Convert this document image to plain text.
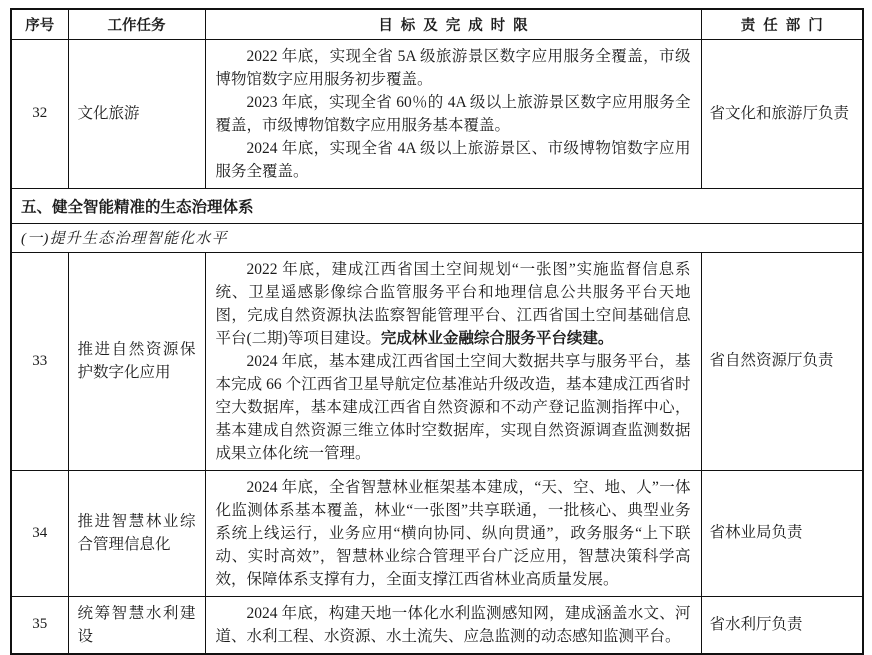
序号	工作任务	目标及完成时限	责任部门
32	文化旅游	2022 年底，实现全省 5A 级旅游景区数字应用服务全覆盖，市级博物馆数字应用服务初步覆盖。

2023 年底，实现全省 60％的 4A 级以上旅游景区数字应用服务全覆盖，市级博物馆数字应用服务基本覆盖。

2024 年底，实现全省 4A 级以上旅游景区、市级博物馆数字应用服务全覆盖。	省文化和旅游厅负责
五、健全智能精准的生态治理体系			
(一)提升生态治理智能化水平			
33	推进自然资源保护数字化应用	2022 年底，建成江西省国土空间规划“一张图”实施监督信息系统、卫星遥感影像综合监管服务平台和地理信息公共服务平台天地图，完成自然资源执法监察智能管理平台、江西省国土空间基础信息平台(二期)等项目建设。完成林业金融综合服务平台续建。

2024 年底，基本建成江西省国土空间大数据共享与服务平台，基本完成 66 个江西省卫星导航定位基准站升级改造，基本建成江西省时空大数据库，基本建成江西省自然资源和不动产登记监测指挥中心，基本建成自然资源三维立体时空数据库，实现自然资源调查监测数据成果立体化统一管理。	省自然资源厅负责
34	推进智慧林业综合管理信息化	2024 年底，全省智慧林业框架基本建成，“天、空、地、人”一体化监测体系基本覆盖，林业“一张图”共享联通，一批核心、典型业务系统上线运行，业务应用“横向协同、纵向贯通”，政务服务“上下联动、实时高效”，智慧林业综合管理平台广泛应用，智慧决策科学高效，保障体系支撑有力，全面支撑江西省林业高质量发展。	省林业局负责
35	统筹智慧水利建设	2024 年底，构建天地一体化水利监测感知网，建成涵盖水文、河道、水利工程、水资源、水土流失、应急监测的动态感知监测平台。	省水利厅负责
